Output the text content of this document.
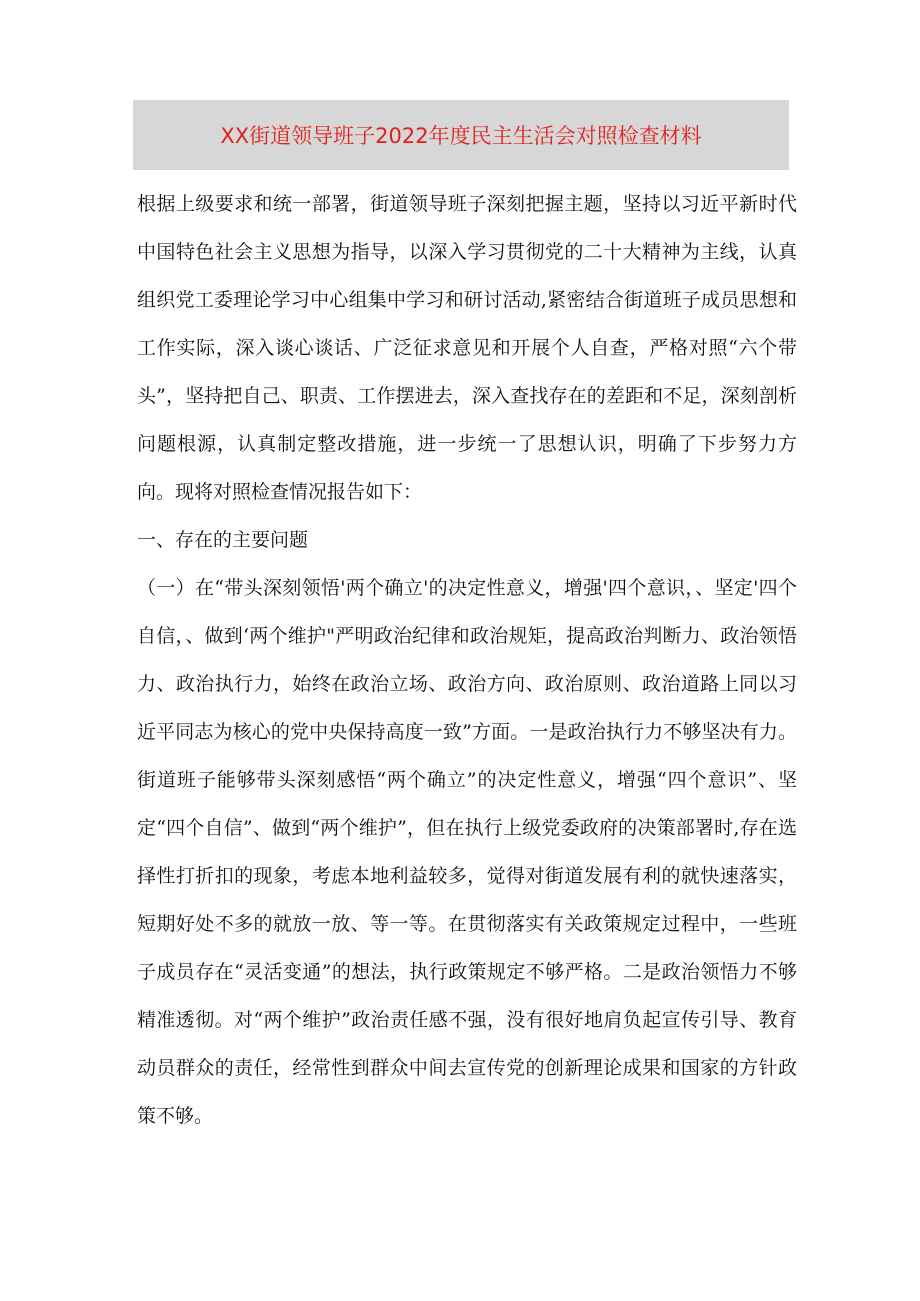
XX街道领导班子2022年度民主生活会对照检查材料

根据上级要求和统一部署，街道领导班子深刻把握主题，坚持以习近平新时代中国特色社会主义思想为指导，以深入学习贯彻党的二十大精神为主线，认真组织党工委理论学习中心组集中学习和研讨活动,紧密结合街道班子成员思想和工作实际，深入谈心谈话、广泛征求意见和开展个人自查，严格对照“六个带头”，坚持把自己、职责、工作摆进去，深入查找存在的差距和不足，深刻剖析问题根源，认真制定整改措施，进一步统一了思想认识，明确了下步努力方向。现将对照检查情况报告如下：

一、存在的主要问题

（一）在“带头深刻领悟'两个确立'的决定性意义，增强'四个意识，、坚定'四个自信，、做到‘两个维护"严明政治纪律和政治规矩，提高政治判断力、政治领悟力、政治执行力，始终在政治立场、政治方向、政治原则、政治道路上同以习近平同志为核心的党中央保持高度一致”方面。一是政治执行力不够坚决有力。街道班子能够带头深刻感悟“两个确立”的决定性意义，增强“四个意识”、坚定“四个自信”、做到“两个维护”，但在执行上级党委政府的决策部署时,存在选择性打折扣的现象，考虑本地利益较多，觉得对街道发展有利的就快速落实，短期好处不多的就放一放、等一等。在贯彻落实有关政策规定过程中，一些班子成员存在“灵活变通”的想法，执行政策规定不够严格。二是政治领悟力不够精准透彻。对“两个维护”政治责任感不强，没有很好地肩负起宣传引导、教育动员群众的责任，经常性到群众中间去宣传党的创新理论成果和国家的方针政策不够。
